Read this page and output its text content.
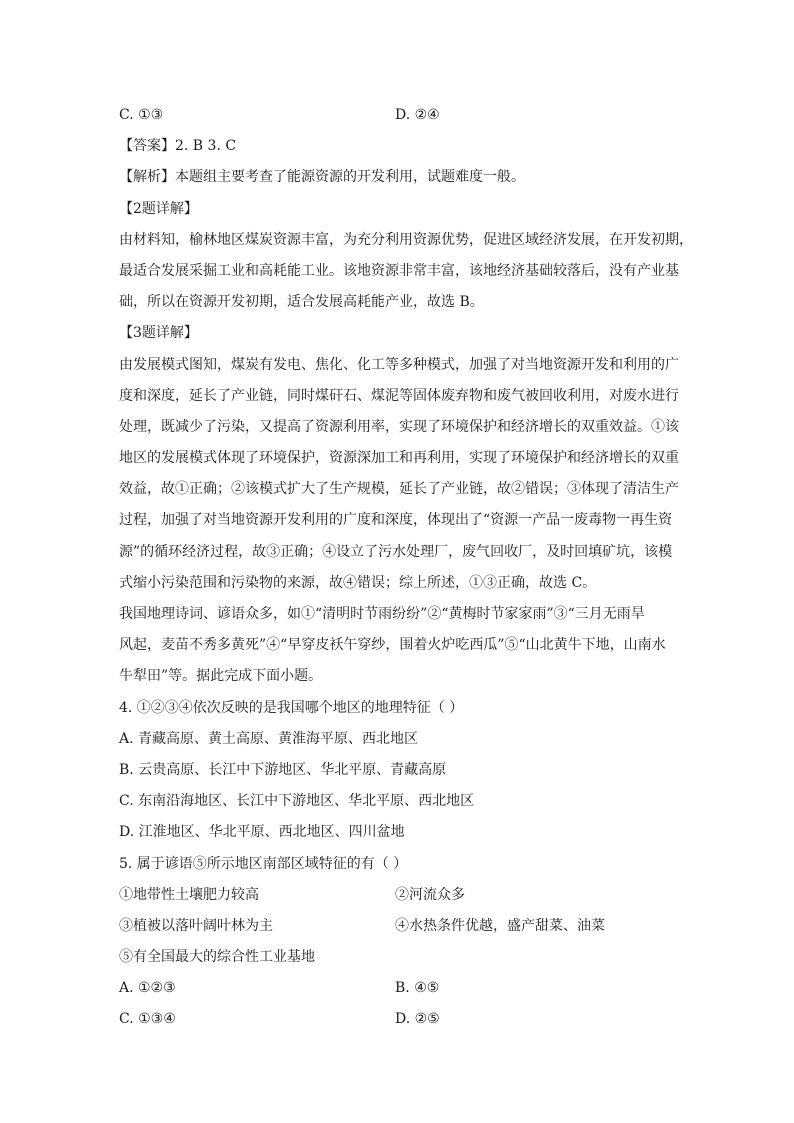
C. ①③	D. ②④
【答案】2. B 3. C
【解析】本题组主要考查了能源资源的开发利用，试题难度一般。
【2题详解】
由材料知，榆林地区煤炭资源丰富，为充分利用资源优势，促进区域经济发展，在开发初期，
最适合发展采掘工业和高耗能工业。该地资源非常丰富，该地经济基础较落后，没有产业基
础，所以在资源开发初期，适合发展高耗能产业，故选 B。
【3题详解】
由发展模式图知，煤炭有发电、焦化、化工等多种模式，加强了对当地资源开发和利用的广
度和深度，延长了产业链，同时煤矸石、煤泥等固体废弃物和废气被回收利用，对废水进行
处理，既减少了污染，又提高了资源利用率，实现了环境保护和经济增长的双重效益。①该
地区的发展模式体现了环境保护，资源深加工和再利用，实现了环境保护和经济增长的双重
效益，故①正确；②该模式扩大了生产规模，延长了产业链，故②错误；③体现了清洁生产
过程，加强了对当地资源开发利用的广度和深度，体现出了“资源一产品一废毒物一再生资
源”的循环经济过程，故③正确；④设立了污水处理厂，废气回收厂，及时回填矿坑，该模
式缩小污染范围和污染物的来源，故④错误；综上所述，①③正确，故选 C。
我国地理诗词、谚语众多，如①“清明时节雨纷纷”②“黄梅时节家家雨”③“三月无雨旱
风起，麦苗不秀多黄死”④“早穿皮袄午穿纱，围着火炉吃西瓜”⑤“山北黄牛下地，山南水
牛犁田”等。据此完成下面小题。
4. ①②③④依次反映的是我国哪个地区的地理特征（ ）
A. 青藏高原、黄土高原、黄淮海平原、西北地区
B. 云贵高原、长江中下游地区、华北平原、青藏高原
C. 东南沿海地区、长江中下游地区、华北平原、西北地区
D. 江淮地区、华北平原、西北地区、四川盆地
5. 属于谚语⑤所示地区南部区域特征的有（ ）
①地带性土壤肥力较高	②河流众多
③植被以落叶阔叶林为主	④水热条件优越，盛产甜菜、油菜
⑤有全国最大的综合性工业基地
A. ①②③	B. ④⑤
C. ①③④	D. ②⑤
